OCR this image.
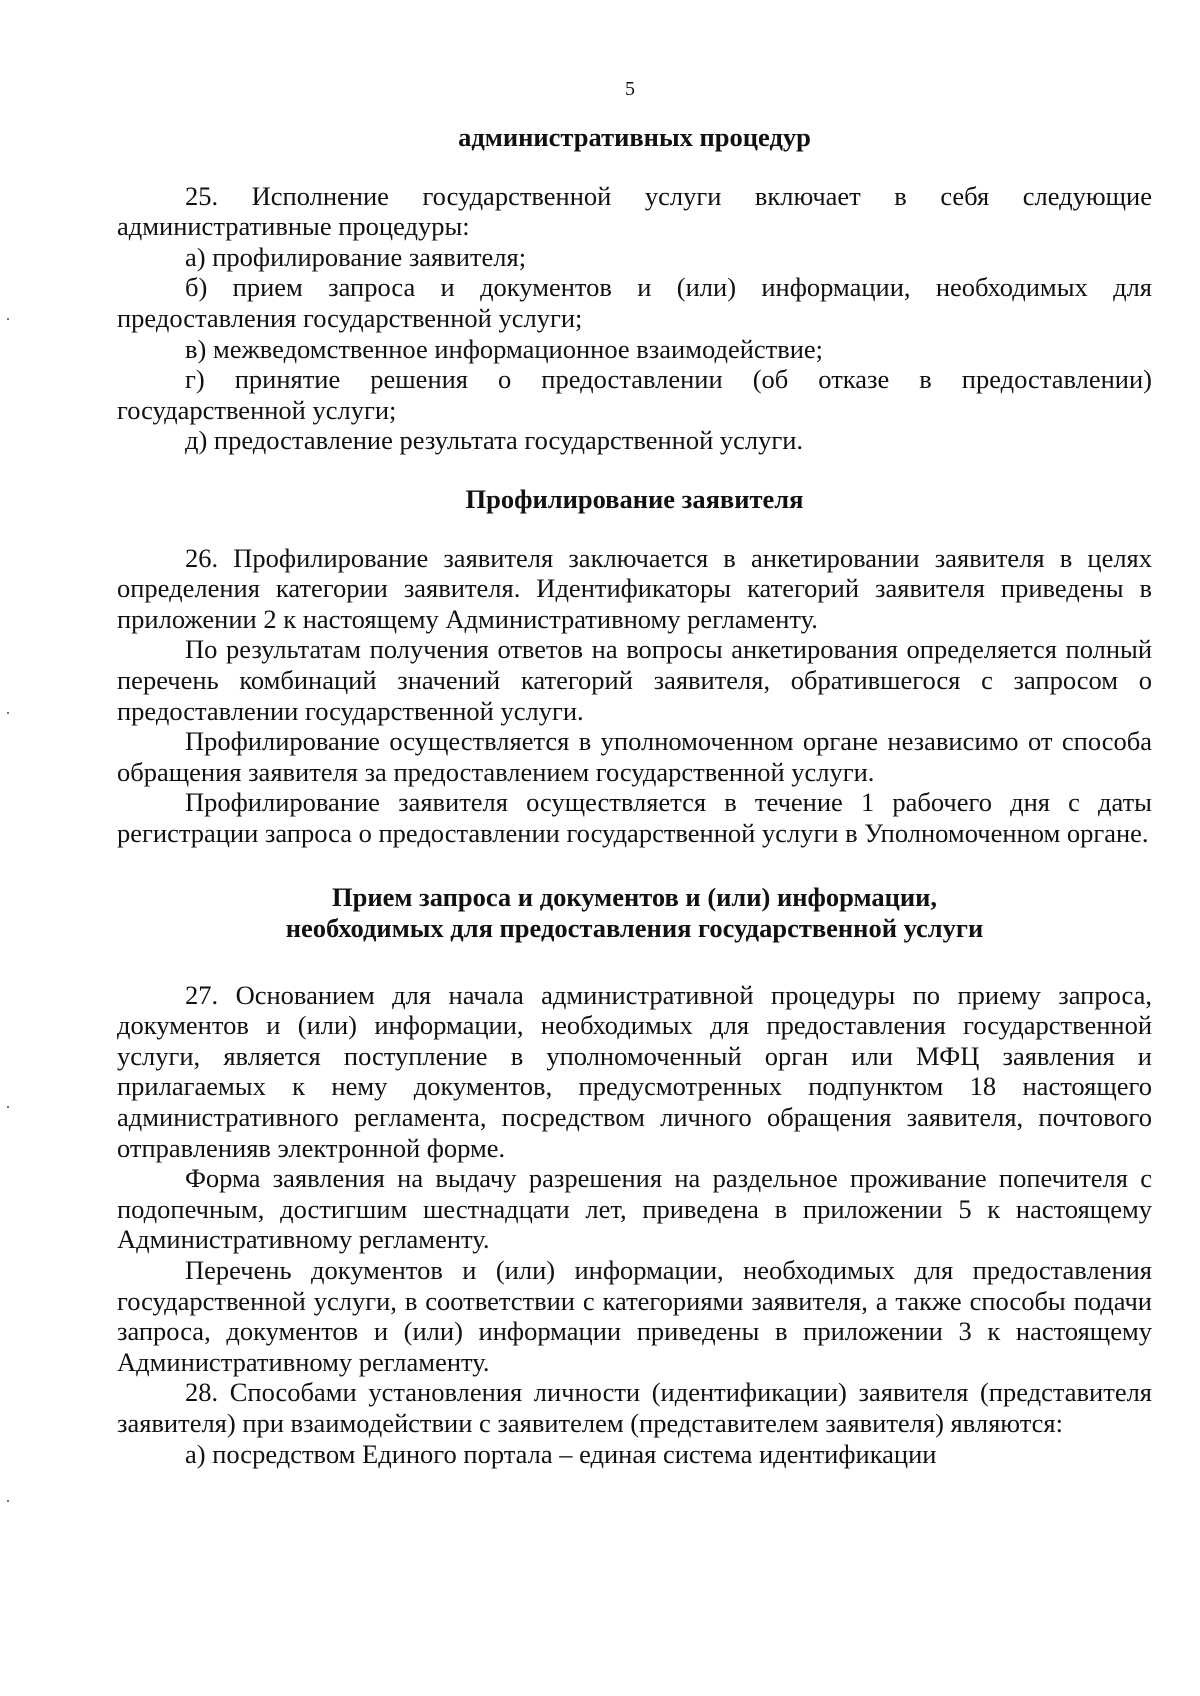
5

административных процедур

25. Исполнение государственной услуги включает в себя следующие административные процедуры:

а) профилирование заявителя;

б) прием запроса и документов и (или) информации, необходимых для предоставления государственной услуги;

в) межведомственное информационное взаимодействие;

г) принятие решения о предоставлении (об отказе в предоставлении) государственной услуги;

д) предоставление результата государственной услуги.

Профилирование заявителя

26. Профилирование заявителя заключается в анкетировании заявителя в целях определения категории заявителя. Идентификаторы категорий заявителя приведены в приложении 2 к настоящему Административному регламенту.

По результатам получения ответов на вопросы анкетирования определяется полный перечень комбинаций значений категорий заявителя, обратившегося с запросом о предоставлении государственной услуги.

Профилирование осуществляется в уполномоченном органе независимо от способа обращения заявителя за предоставлением государственной услуги.

Профилирование заявителя осуществляется в течение 1 рабочего дня с даты регистрации запроса о предоставлении государственной услуги в Уполномоченном органе.

Прием запроса и документов и (или) информации,
необходимых для предоставления государственной услуги

27. Основанием для начала административной процедуры по приему запроса, документов и (или) информации, необходимых для предоставления государственной услуги, является поступление в уполномоченный орган или МФЦ заявления и прилагаемых к нему документов, предусмотренных подпунктом 18 настоящего административного регламента, посредством личного обращения заявителя, почтового отправленияв электронной форме.

Форма заявления на выдачу разрешения на раздельное проживание попечителя с подопечным, достигшим шестнадцати лет, приведена в приложении 5 к настоящему Административному регламенту.

Перечень документов и (или) информации, необходимых для предоставления государственной услуги, в соответствии с категориями заявителя, а также способы подачи запроса, документов и (или) информации приведены в приложении 3 к настоящему Административному регламенту.

28. Способами установления личности (идентификации) заявителя (представителя заявителя) при взаимодействии с заявителем (представителем заявителя) являются:

а) посредством Единого портала – единая система идентификации
